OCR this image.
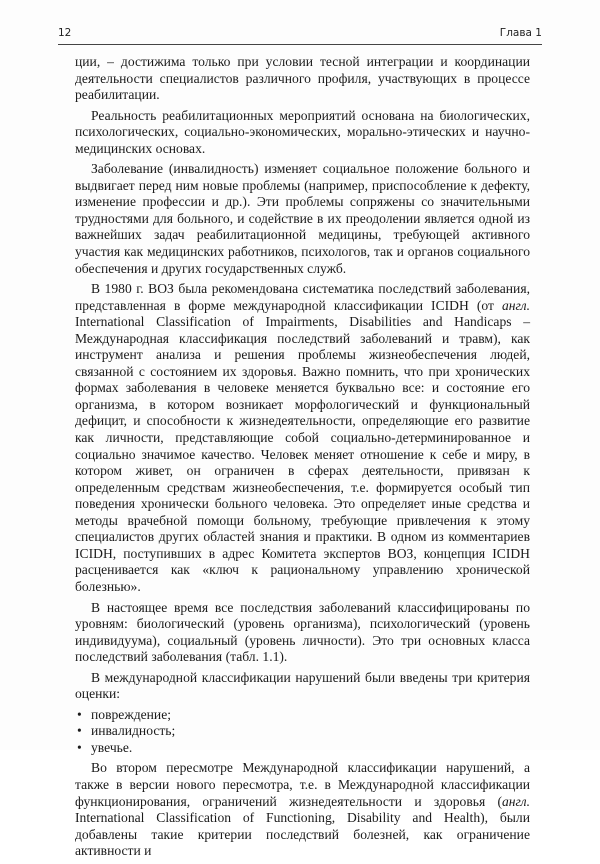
12	Глава 1

ции, – достижима только при условии тесной интеграции и координации деятельности специалистов различного профиля, участвующих в процессе реабилитации.

Реальность реабилитационных мероприятий основана на биологических, психологических, социально-экономических, морально-этических и научно-медицинских основах.

Заболевание (инвалидность) изменяет социальное положение больного и выдвигает перед ним новые проблемы (например, приспособление к дефекту, изменение профессии и др.). Эти проблемы сопряжены со значительными трудностями для больного, и содействие в их преодолении является одной из важнейших задач реабилитационной медицины, требующей активного участия как медицинских работников, психологов, так и органов социального обеспечения и других государственных служб.

В 1980 г. ВОЗ была рекомендована систематика последствий заболевания, представленная в форме международной классификации ICIDH (от англ. International Classification of Impairments, Disabilities and Handicaps – Международная классификация последствий заболеваний и травм), как инструмент анализа и решения проблемы жизнеобеспечения людей, связанной с состоянием их здоровья. Важно помнить, что при хронических формах заболевания в человеке меняется буквально все: и состояние его организма, в котором возникает морфологический и функциональный дефицит, и способности к жизнедеятельности, определяющие его развитие как личности, представляющие собой социально-детерминированное и социально значимое качество. Человек меняет отношение к себе и миру, в котором живет, он ограничен в сферах деятельности, привязан к определенным средствам жизнеобеспечения, т.е. формируется особый тип поведения хронически больного человека. Это определяет иные средства и методы врачебной помощи больному, требующие привлечения к этому специалистов других областей знания и практики. В одном из комментариев ICIDH, поступивших в адрес Комитета экспертов ВОЗ, концепция ICIDH расценивается как «ключ к рациональному управлению хронической болезнью».

В настоящее время все последствия заболеваний классифицированы по уровням: биологический (уровень организма), психологический (уровень индивидуума), социальный (уровень личности). Это три основных класса последствий заболевания (табл. 1.1).

В международной классификации нарушений были введены три критерия оценки:

• повреждение;
• инвалидность;
• увечье.

Во втором пересмотре Международной классификации нарушений, а также в версии нового пересмотра, т.е. в Международной классификации функционирования, ограничений жизнедеятельности и здоровья (англ. International Classification of Functioning, Disability and Health), были добавлены такие критерии последствий болезней, как ограничение активности и
